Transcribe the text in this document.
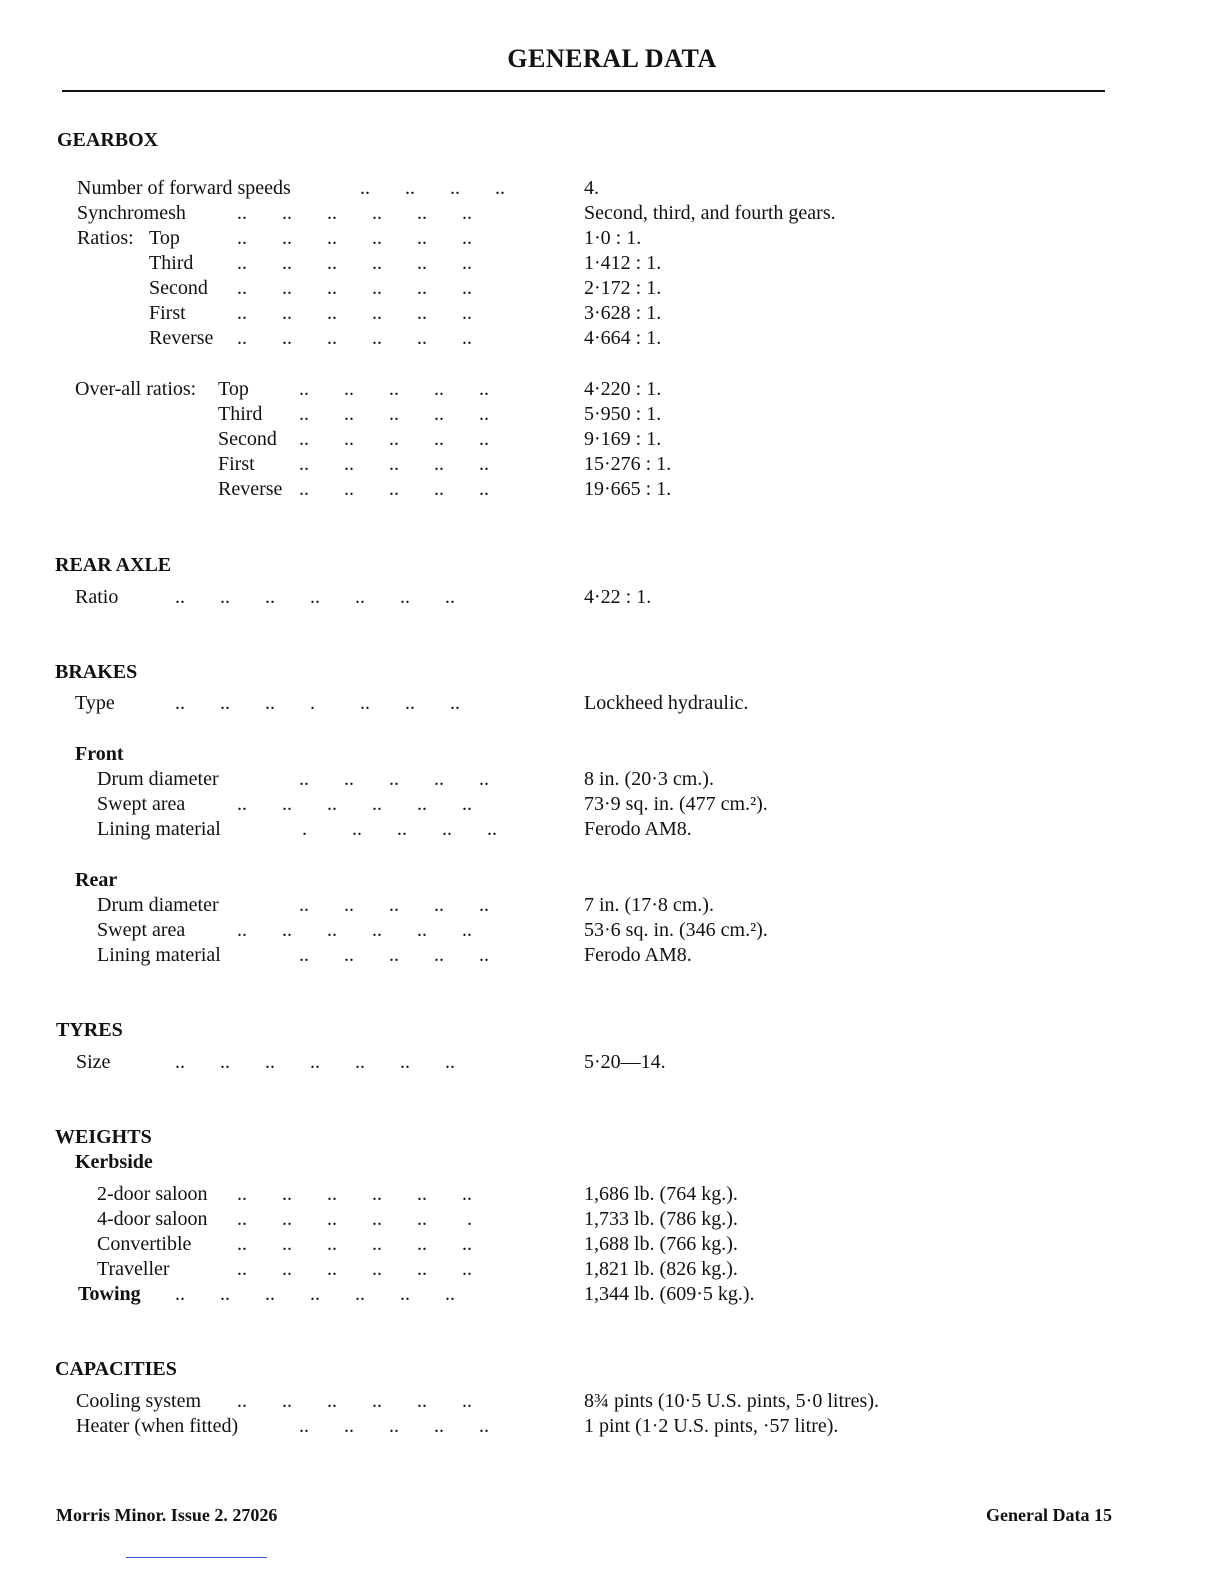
GENERAL DATA
GEARBOX
Number of forward speeds	..       ..       ..       ..	4.
Synchromesh	..       ..       ..       ..       ..       ..	Second, third, and fourth gears.
Ratios: Top	..       ..       ..       ..       ..       ..	1·0 : 1.
Third ..       ..       ..       ..       ..       ..	1·412 : 1.
Second ..       ..       ..       ..       ..       ..	2·172 : 1.
First	..       ..       ..       ..       ..       ..	3·628 : 1.
Reverse ..       ..       ..       ..       ..       ..	4·664 : 1.
Over-all ratios: Top	..       ..       ..       ..       ..	4·220 : 1.
Third ..       ..       ..       ..       ..	5·950 : 1.
Second ..       ..       ..       ..       ..	9·169 : 1.
First ..       ..       ..       ..       ..	15·276 : 1.
Reverse ..       ..       ..       ..       ..	19·665 : 1.
REAR AXLE
Ratio	..       ..       ..       ..       ..       ..       ..	4·22 : 1.
BRAKES
Type	..       ..       ..       .         ..       ..       ..	Lockheed hydraulic.
Front
Drum diameter	..       ..       ..       ..       ..	8 in. (20·3 cm.).
Swept area	..       ..       ..       ..       ..       ..	73·9 sq. in. (477 cm.²).
Lining material	.         ..       ..       ..       ..	Ferodo AM8.
Rear
Drum diameter	..       ..       ..       ..       ..	7 in. (17·8 cm.).
Swept area	..       ..       ..       ..       ..       ..	53·6 sq. in. (346 cm.²).
Lining material	..       ..       ..       ..       ..	Ferodo AM8.
TYRES
Size	..       ..       ..       ..       ..       ..       ..	5·20—14.
WEIGHTS
Kerbside
2-door saloon ..       ..       ..       ..       ..       ..	1,686 lb. (764 kg.).
4-door saloon ..       ..       ..       ..       ..        .	1,733 lb. (786 kg.).
Convertible ..       ..       ..       ..       ..       ..	1,688 lb. (766 kg.).
Traveller	..       ..       ..       ..       ..       ..	1,821 lb. (826 kg.).
Towing ..       ..       ..       ..       ..       ..       ..	1,344 lb. (609·5 kg.).
CAPACITIES
Cooling system ..       ..       ..       ..       ..       ..	8¾ pints (10·5 U.S. pints, 5·0 litres).
Heater (when fitted)	..       ..       ..       ..       ..	1 pint (1·2 U.S. pints, ·57 litre).
Morris Minor. Issue 2. 27026	General Data 15
